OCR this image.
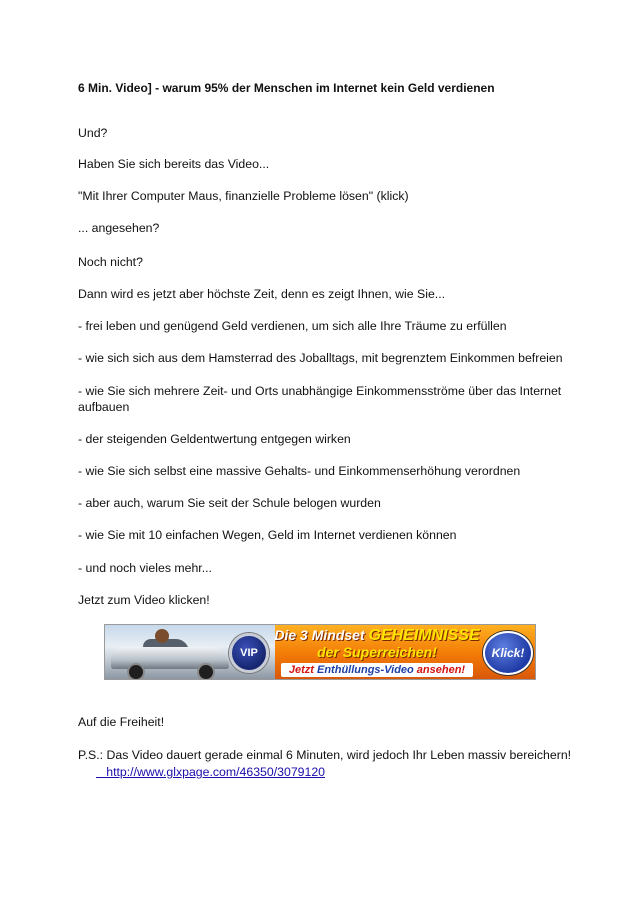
6 Min. Video] - warum 95% der Menschen im Internet kein Geld verdienen
Und?
Haben Sie sich bereits das Video...
"Mit Ihrer Computer Maus, finanzielle Probleme lösen" (klick)
... angesehen?
Noch nicht?
Dann wird es jetzt aber höchste Zeit, denn es zeigt Ihnen, wie Sie...
- frei leben und genügend Geld verdienen, um sich alle Ihre Träume zu erfüllen
- wie sich sich aus dem Hamsterrad des Joballtags, mit begrenztem Einkommen befreien
- wie Sie sich mehrere Zeit- und Orts unabhängige Einkommensströme über das Internet aufbauen
- der steigenden Geldentwertung entgegen wirken
- wie Sie sich selbst eine massive Gehalts- und Einkommenserhöhung verordnen
- aber auch, warum Sie seit der Schule belogen wurden
- wie Sie mit 10 einfachen Wegen, Geld im Internet verdienen können
- und noch vieles mehr...
Jetzt zum Video klicken!
VIP
Die 3 Mindset GEHEIMNISSE
der Superreichen!
Jetzt Enthüllungs-Video ansehen!
Klick!
Auf die Freiheit!
P.S.: Das Video dauert gerade einmal 6 Minuten, wird jedoch Ihr Leben massiv bereichern!
http://www.glxpage.com/46350/3079120
